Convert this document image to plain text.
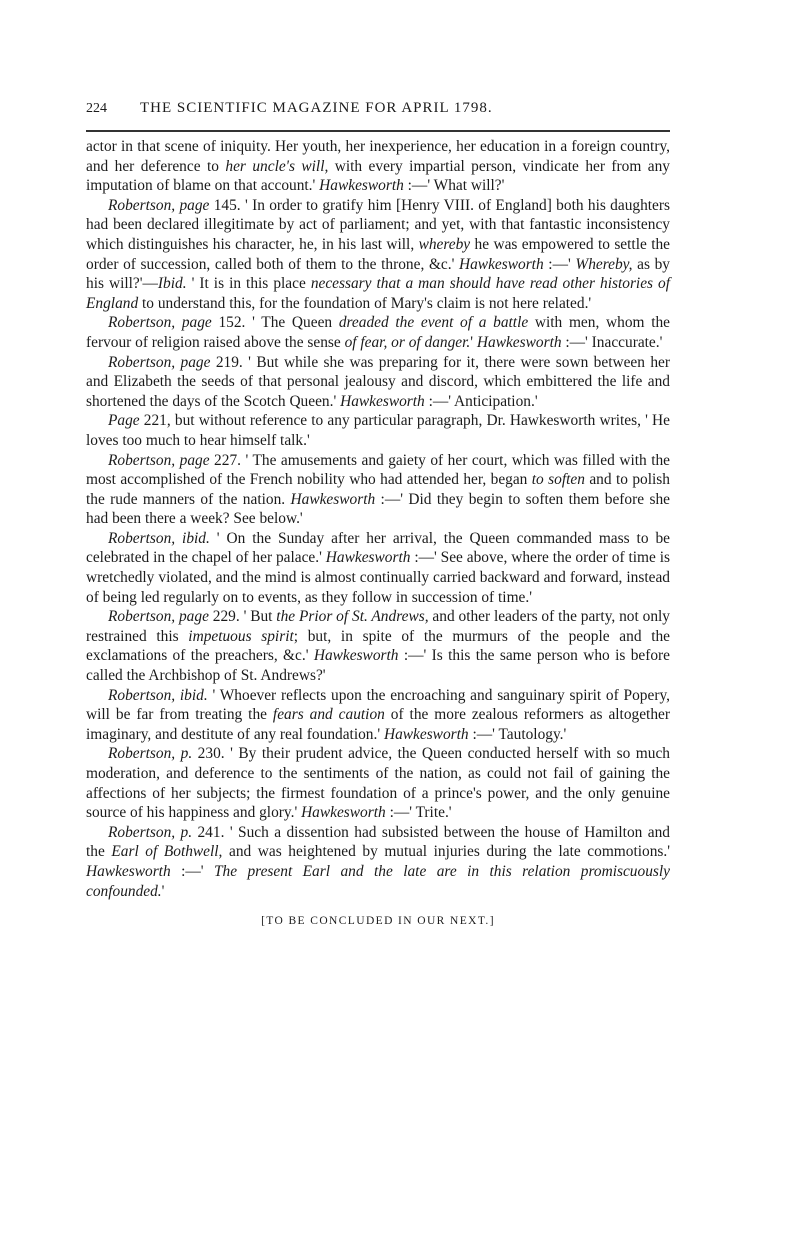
224	THE SCIENTIFIC MAGAZINE FOR APRIL 1798.

actor in that scene of iniquity. Her youth, her inexperience, her education in a foreign country, and her deference to her uncle's will, with every impartial person, vindicate her from any imputation of blame on that account.' Hawkesworth :—' What will?'

Robertson, page 145. ' In order to gratify him [Henry VIII. of England] both his daughters had been declared illegitimate by act of parliament; and yet, with that fantastic inconsistency which distinguishes his character, he, in his last will, whereby he was empowered to settle the order of succession, called both of them to the throne, &c.' Hawkesworth :—' Whereby, as by his will?'—Ibid. ' It is in this place necessary that a man should have read other histories of England to understand this, for the foundation of Mary's claim is not here related.'

Robertson, page 152. ' The Queen dreaded the event of a battle with men, whom the fervour of religion raised above the sense of fear, or of danger.' Hawkesworth :—' Inaccurate.'

Robertson, page 219. ' But while she was preparing for it, there were sown between her and Elizabeth the seeds of that personal jealousy and discord, which embittered the life and shortened the days of the Scotch Queen.' Hawkesworth :—' Anticipation.'

Page 221, but without reference to any particular paragraph, Dr. Hawkesworth writes, ' He loves too much to hear himself talk.'

Robertson, page 227. ' The amusements and gaiety of her court, which was filled with the most accomplished of the French nobility who had attended her, began to soften and to polish the rude manners of the nation. Hawkesworth :—' Did they begin to soften them before she had been there a week? See below.'

Robertson, ibid. ' On the Sunday after her arrival, the Queen commanded mass to be celebrated in the chapel of her palace.' Hawkesworth :—' See above, where the order of time is wretchedly violated, and the mind is almost continually carried backward and forward, instead of being led regularly on to events, as they follow in succession of time.'

Robertson, page 229. ' But the Prior of St. Andrews, and other leaders of the party, not only restrained this impetuous spirit; but, in spite of the murmurs of the people and the exclamations of the preachers, &c.' Hawkesworth :—' Is this the same person who is before called the Archbishop of St. Andrews?'

Robertson, ibid. ' Whoever reflects upon the encroaching and sanguinary spirit of Popery, will be far from treating the fears and caution of the more zealous reformers as altogether imaginary, and destitute of any real foundation.' Hawkesworth :—' Tautology.'

Robertson, p. 230. ' By their prudent advice, the Queen conducted herself with so much moderation, and deference to the sentiments of the nation, as could not fail of gaining the affections of her subjects; the firmest foundation of a prince's power, and the only genuine source of his happiness and glory.' Hawkesworth :—' Trite.'

Robertson, p. 241. ' Such a dissention had subsisted between the house of Hamilton and the Earl of Bothwell, and was heightened by mutual injuries during the late commotions.' Hawkesworth :—' The present Earl and the late are in this relation promiscuously confounded.'

[TO BE CONCLUDED IN OUR NEXT.]
